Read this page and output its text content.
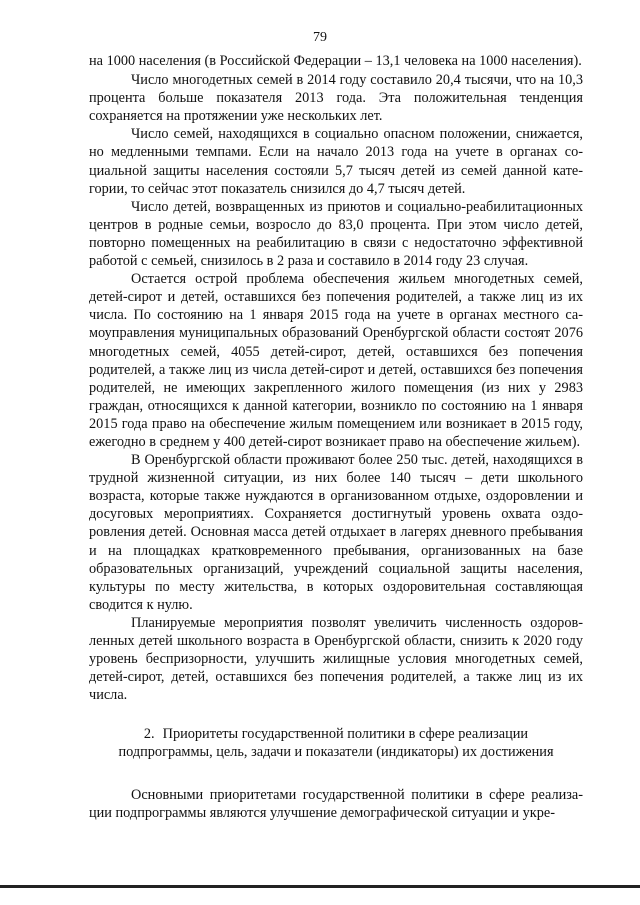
79

на 1000 населения (в Российской Федерации – 13,1 человека на 1000 населения).

Число многодетных семей в 2014 году составило 20,4 тысячи, что на 10,3 процента больше показателя 2013 года. Эта положительная тенденция сохраняется на протяжении уже нескольких лет.

Число семей, находящихся в социально опасном положении, снижается, но медленными темпами. Если на начало 2013 года на учете в органах социальной защиты населения состояли 5,7 тысяч детей из семей данной категории, то сейчас этот показатель снизился до 4,7 тысяч детей.

Число детей, возвращенных из приютов и социально-реабилитационных центров в родные семьи, возросло до 83,0 процента. При этом число детей, повторно помещенных на реабилитацию в связи с недостаточно эффективной работой с семьей, снизилось в 2 раза и составило в 2014 году 23 случая.

Остается острой проблема обеспечения жильем многодетных семей, детей-сирот и детей, оставшихся без попечения родителей, а также лиц из их числа. По состоянию на 1 января 2015 года на учете в органах местного самоуправления муниципальных образований Оренбургской области состоят 2076 многодетных семей, 4055 детей-сирот, детей, оставшихся без попечения родителей, а также лиц из числа детей-сирот и детей, оставшихся без попечения родителей, не имеющих закрепленного жилого помещения (из них у 2983 граждан, относящихся к данной категории, возникло по состоянию на 1 января 2015 года право на обеспечение жилым помещением или возникает в 2015 году, ежегодно в среднем у 400 детей-сирот возникает право на обеспечение жильем).

В Оренбургской области проживают более 250 тыс. детей, находящихся в трудной жизненной ситуации, из них более 140 тысяч – дети школьного возраста, которые также нуждаются в организованном отдыхе, оздоровлении и досуговых мероприятиях. Сохраняется достигнутый уровень охвата оздоровления детей. Основная масса детей отдыхает в лагерях дневного пребывания и на площадках кратковременного пребывания, организованных на базе образовательных организаций, учреждений социальной защиты населения, культуры по месту жительства, в которых оздоровительная составляющая сводится к нулю.

Планируемые мероприятия позволят увеличить численность оздоровленных детей школьного возраста в Оренбургской области, снизить к 2020 году уровень беспризорности, улучшить жилищные условия многодетных семей, детей-сирот, детей, оставшихся без попечения родителей, а также лиц из их числа.

2. Приоритеты государственной политики в сфере реализации
подпрограммы, цель, задачи и показатели (индикаторы) их достижения

Основными приоритетами государственной политики в сфере реализации подпрограммы являются улучшение демографической ситуации и укре-
